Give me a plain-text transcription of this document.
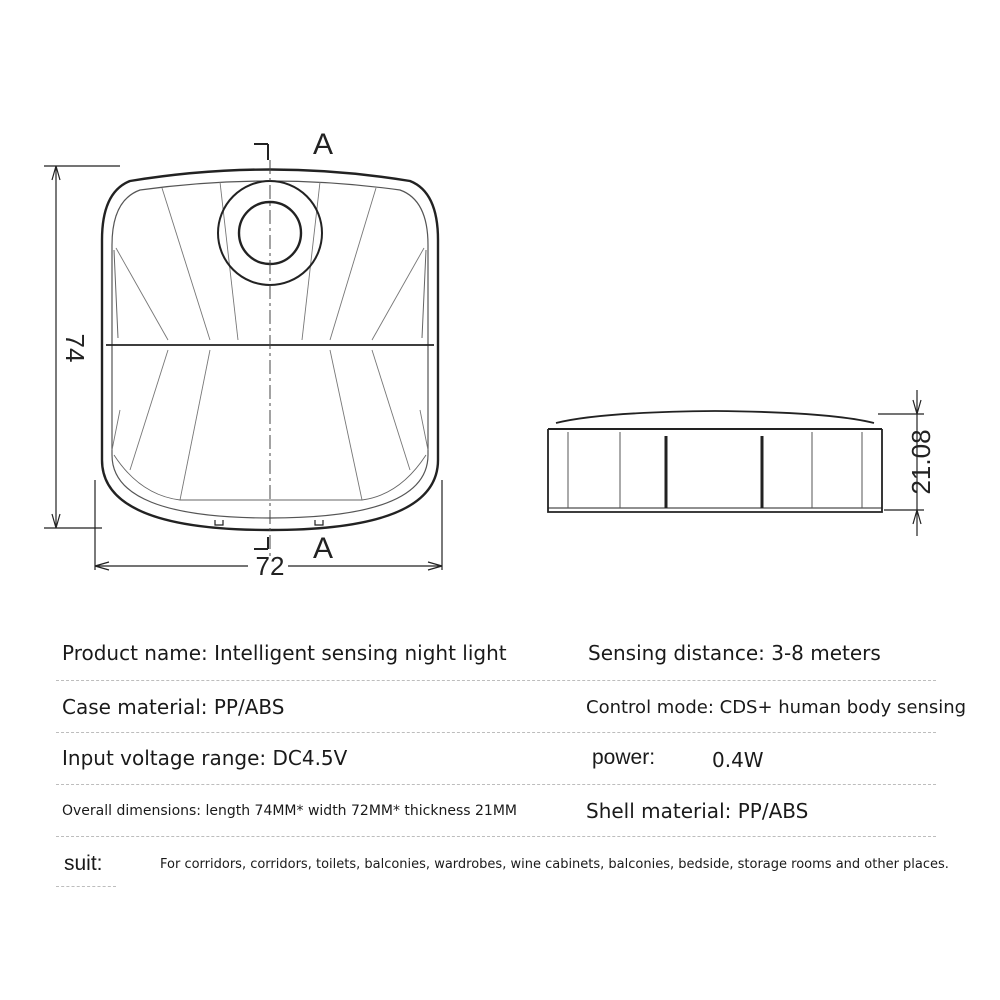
74
72
A
A
21.08
Product name: Intelligent sensing night light	Sensing distance: 3-8 meters
Case material: PP/ABS	Control mode: CDS+ human body sensing
Input voltage range: DC4.5V	power:	0.4W
Overall dimensions: length 74MM* width 72MM* thickness 21MM	Shell material: PP/ABS
suit:	For corridors, corridors, toilets, balconies, wardrobes, wine cabinets, balconies, bedside, storage rooms and other places.
